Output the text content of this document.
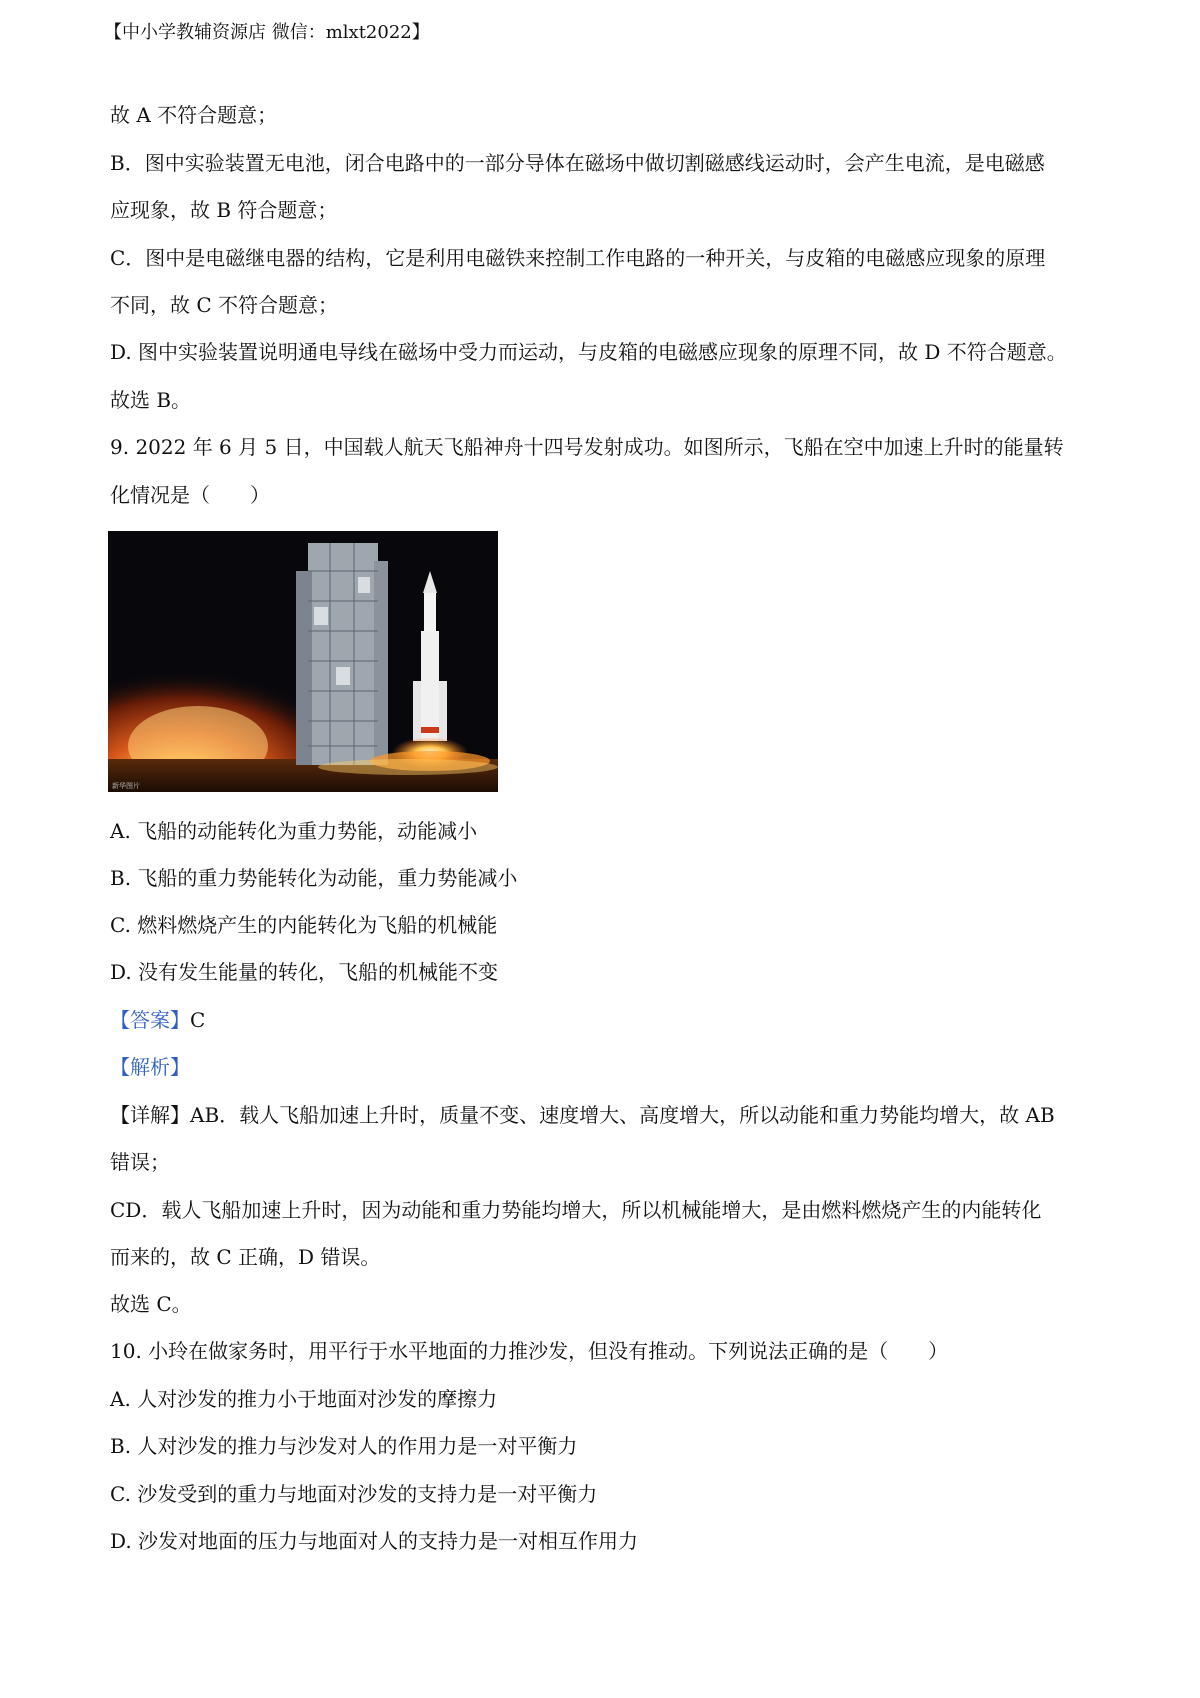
【中小学教辅资源店 微信：mlxt2022】
故 A 不符合题意；
B．图中实验装置无电池，闭合电路中的一部分导体在磁场中做切割磁感线运动时，会产生电流，是电磁感
应现象，故 B 符合题意；
C．图中是电磁继电器的结构，它是利用电磁铁来控制工作电路的一种开关，与皮箱的电磁感应现象的原理
不同，故 C 不符合题意；
D. 图中实验装置说明通电导线在磁场中受力而运动，与皮箱的电磁感应现象的原理不同，故 D 不符合题意。
故选 B。
9. 2022 年 6 月 5 日，中国载人航天飞船神舟十四号发射成功。如图所示，飞船在空中加速上升时的能量转
化情况是（　　）
新华图片
A. 飞船的动能转化为重力势能，动能减小
B. 飞船的重力势能转化为动能，重力势能减小
C. 燃料燃烧产生的内能转化为飞船的机械能
D. 没有发生能量的转化，飞船的机械能不变
【答案】C
【解析】
【详解】AB．载人飞船加速上升时，质量不变、速度增大、高度增大，所以动能和重力势能均增大，故 AB
错误；
CD．载人飞船加速上升时，因为动能和重力势能均增大，所以机械能增大，是由燃料燃烧产生的内能转化
而来的，故 C 正确，D 错误。
故选 C。
10. 小玲在做家务时，用平行于水平地面的力推沙发，但没有推动。下列说法正确的是（　　）
A. 人对沙发的推力小于地面对沙发的摩擦力
B. 人对沙发的推力与沙发对人的作用力是一对平衡力
C. 沙发受到的重力与地面对沙发的支持力是一对平衡力
D. 沙发对地面的压力与地面对人的支持力是一对相互作用力
